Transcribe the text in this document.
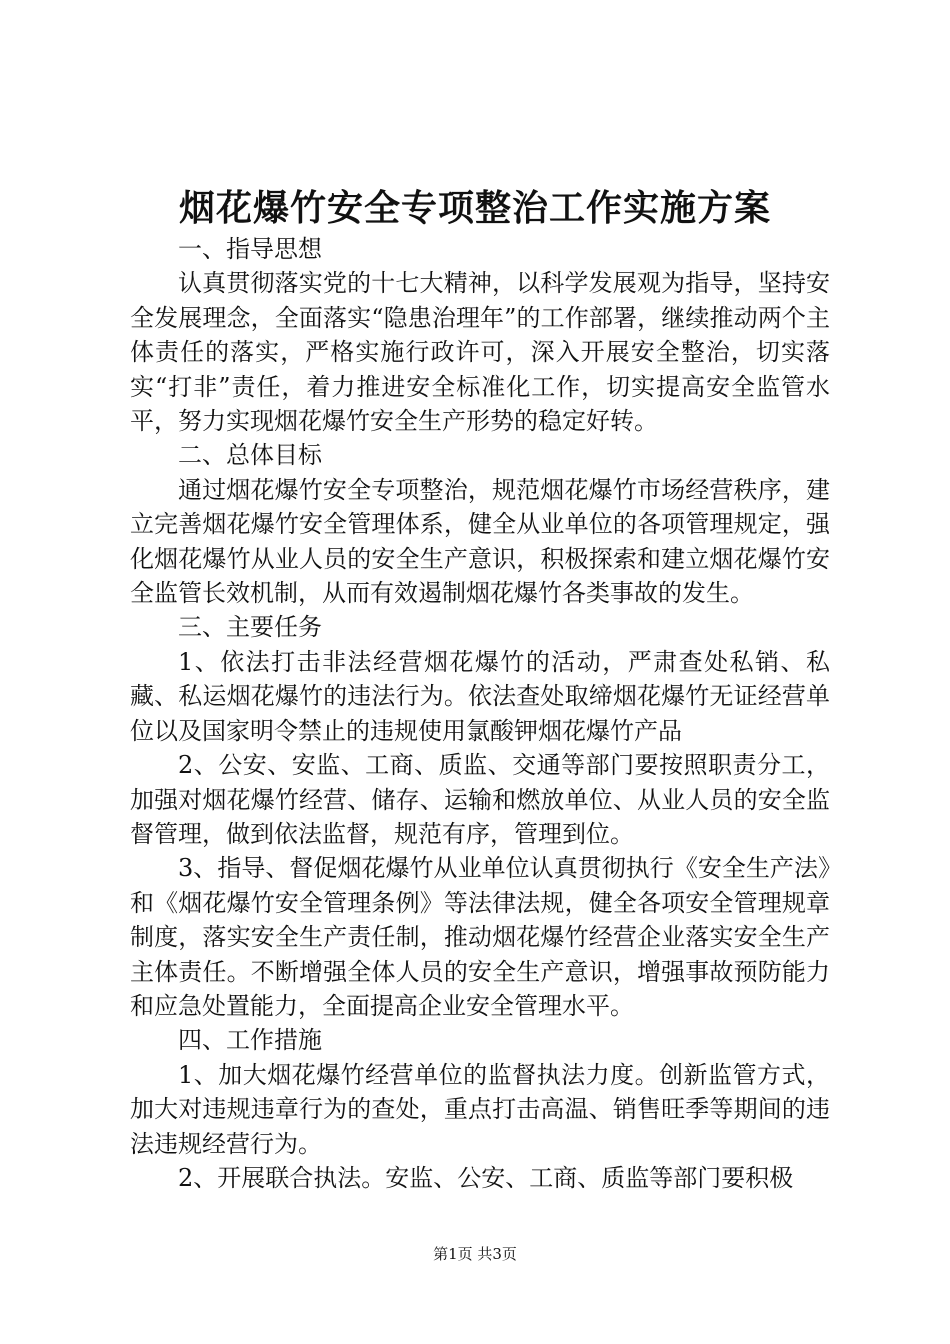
烟花爆竹安全专项整治工作实施方案

一、指导思想

认真贯彻落实党的十七大精神，以科学发展观为指导，坚持安全发展理念，全面落实“隐患治理年”的工作部署，继续推动两个主体责任的落实，严格实施行政许可，深入开展安全整治，切实落实“打非”责任，着力推进安全标准化工作，切实提高安全监管水平，努力实现烟花爆竹安全生产形势的稳定好转。

二、总体目标

通过烟花爆竹安全专项整治，规范烟花爆竹市场经营秩序，建立完善烟花爆竹安全管理体系，健全从业单位的各项管理规定，强化烟花爆竹从业人员的安全生产意识，积极探索和建立烟花爆竹安全监管长效机制，从而有效遏制烟花爆竹各类事故的发生。

三、主要任务

1、依法打击非法经营烟花爆竹的活动，严肃查处私销、私藏、私运烟花爆竹的违法行为。依法查处取缔烟花爆竹无证经营单位以及国家明令禁止的违规使用氯酸钾烟花爆竹产品

2、公安、安监、工商、质监、交通等部门要按照职责分工，加强对烟花爆竹经营、储存、运输和燃放单位、从业人员的安全监督管理，做到依法监督，规范有序，管理到位。

3、指导、督促烟花爆竹从业单位认真贯彻执行《安全生产法》和《烟花爆竹安全管理条例》等法律法规，健全各项安全管理规章制度，落实安全生产责任制，推动烟花爆竹经营企业落实安全生产主体责任。不断增强全体人员的安全生产意识，增强事故预防能力和应急处置能力，全面提高企业安全管理水平。

四、工作措施

1、加大烟花爆竹经营单位的监督执法力度。创新监管方式，加大对违规违章行为的查处，重点打击高温、销售旺季等期间的违法违规经营行为。

2、开展联合执法。安监、公安、工商、质监等部门要积极

第1页 共3页
